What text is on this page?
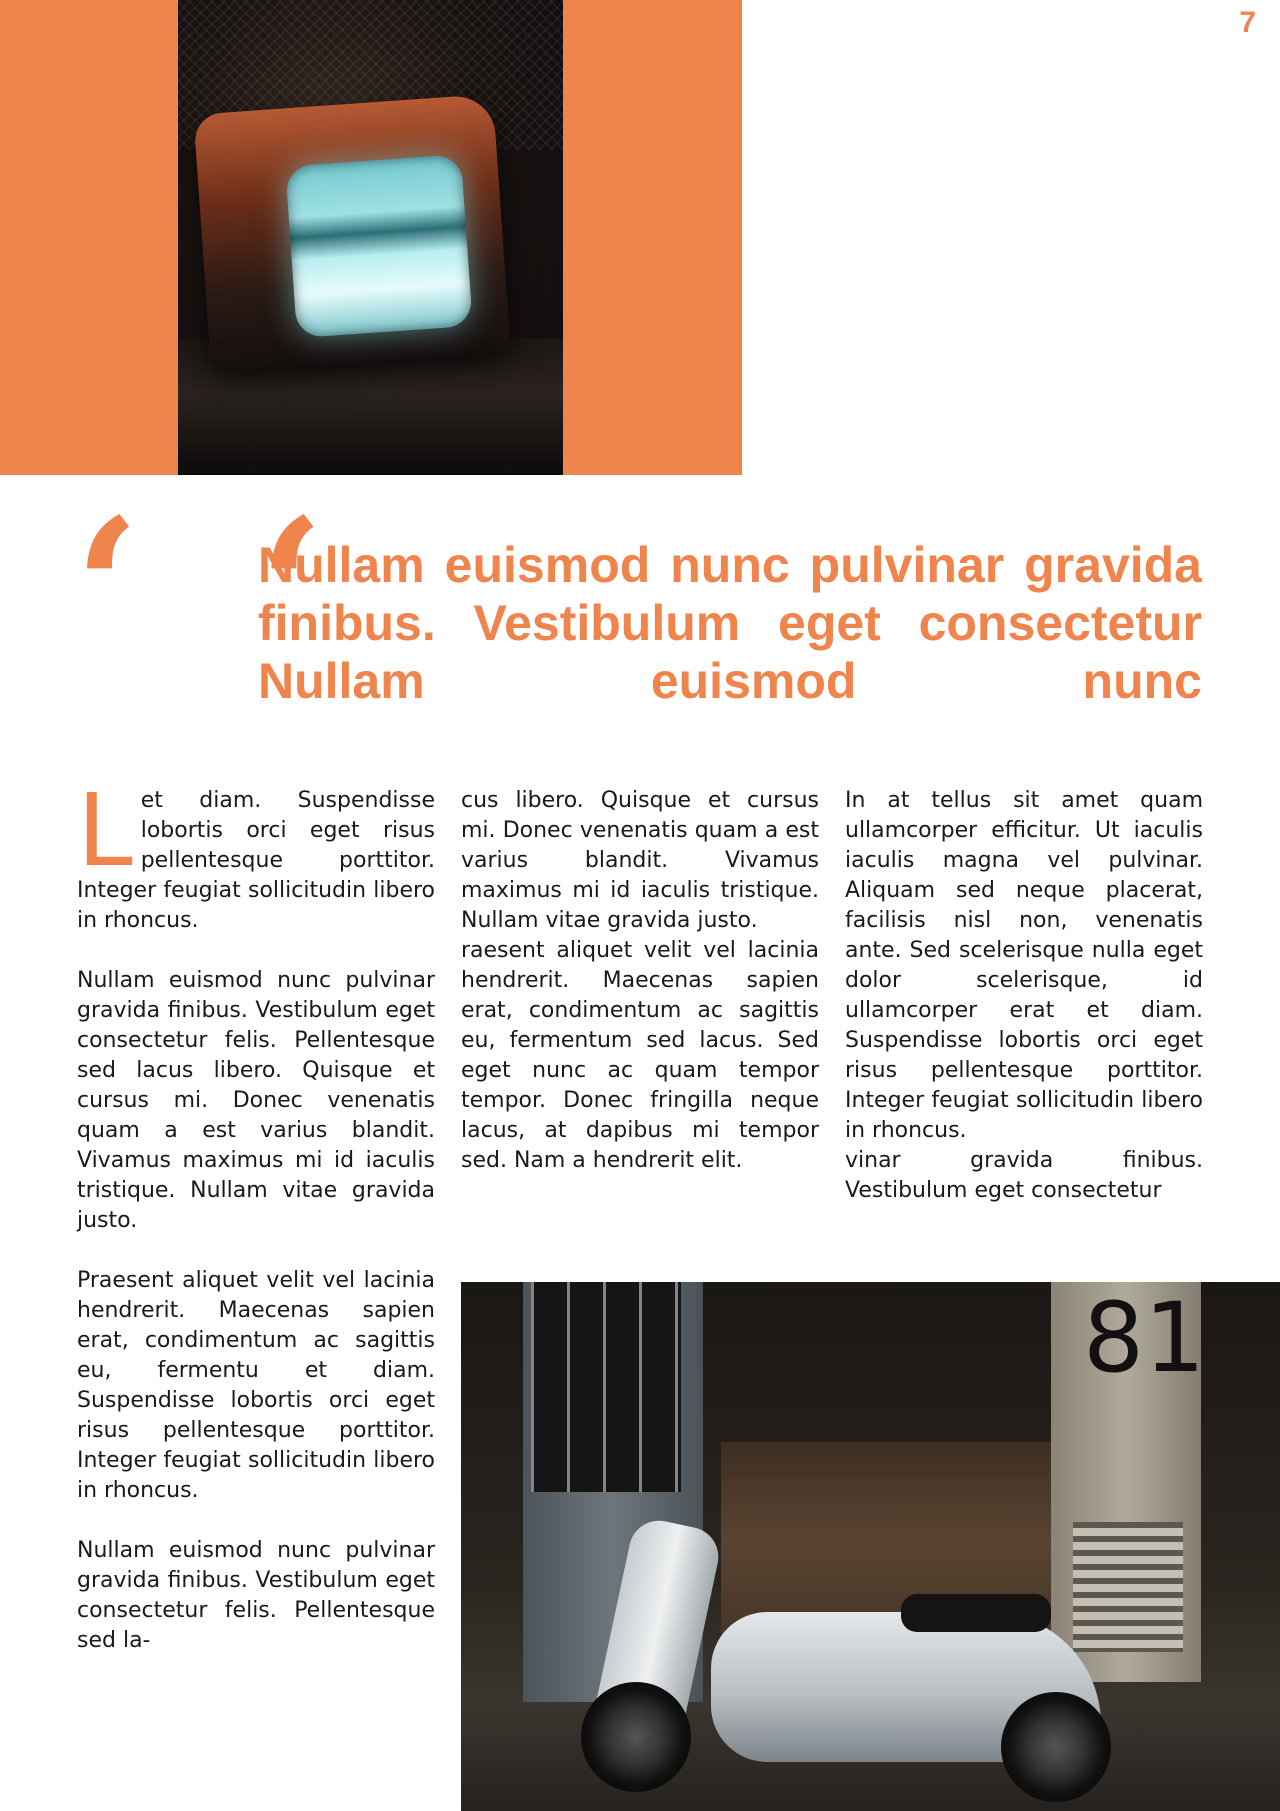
7
‘ ‘

Nullam euismod nunc pulvinar gravida finibus. Vestibulum eget consectetur Nullam euismod nunc

Let diam. Suspendisse lobortis orci eget risus pellentesque porttitor. Integer feugiat sollicitudin libero in rhoncus.

Nullam euismod nunc pulvinar gravida finibus. Vestibulum eget consectetur felis. Pellentesque sed lacus libero. Quisque et cursus mi. Donec venenatis quam a est varius blandit. Vivamus maximus mi id iaculis tristique. Nullam vitae gravida justo.

Praesent aliquet velit vel lacinia hendrerit. Maecenas sapien erat, condimentum ac sagittis eu, fermentu et diam. Suspendisse lobortis orci eget risus pellentesque porttitor. Integer feugiat sollicitudin libero in rhoncus.

Nullam euismod nunc pulvinar gravida finibus. Vestibulum eget consectetur felis. Pellentesque sed la-

cus libero. Quisque et cursus mi. Donec venenatis quam a est varius blandit. Vivamus maximus mi id iaculis tristique. Nullam vitae gravida justo.

raesent aliquet velit vel lacinia hendrerit. Maecenas sapien erat, condimentum ac sagittis eu, fermentum sed lacus. Sed eget nunc ac quam tempor tempor. Donec fringilla neque lacus, at dapibus mi tempor sed. Nam a hendrerit elit.

In at tellus sit amet quam ullamcorper efficitur. Ut iaculis iaculis magna vel pulvinar. Aliquam sed neque placerat, facilisis nisl non, venenatis ante. Sed scelerisque nulla eget dolor scelerisque, id ullamcorper erat et diam. Suspendisse lobortis orci eget risus pellentesque porttitor. Integer feugiat sollicitudin libero in rhoncus.

vinar gravida finibus. Vestibulum eget consectetur

81
